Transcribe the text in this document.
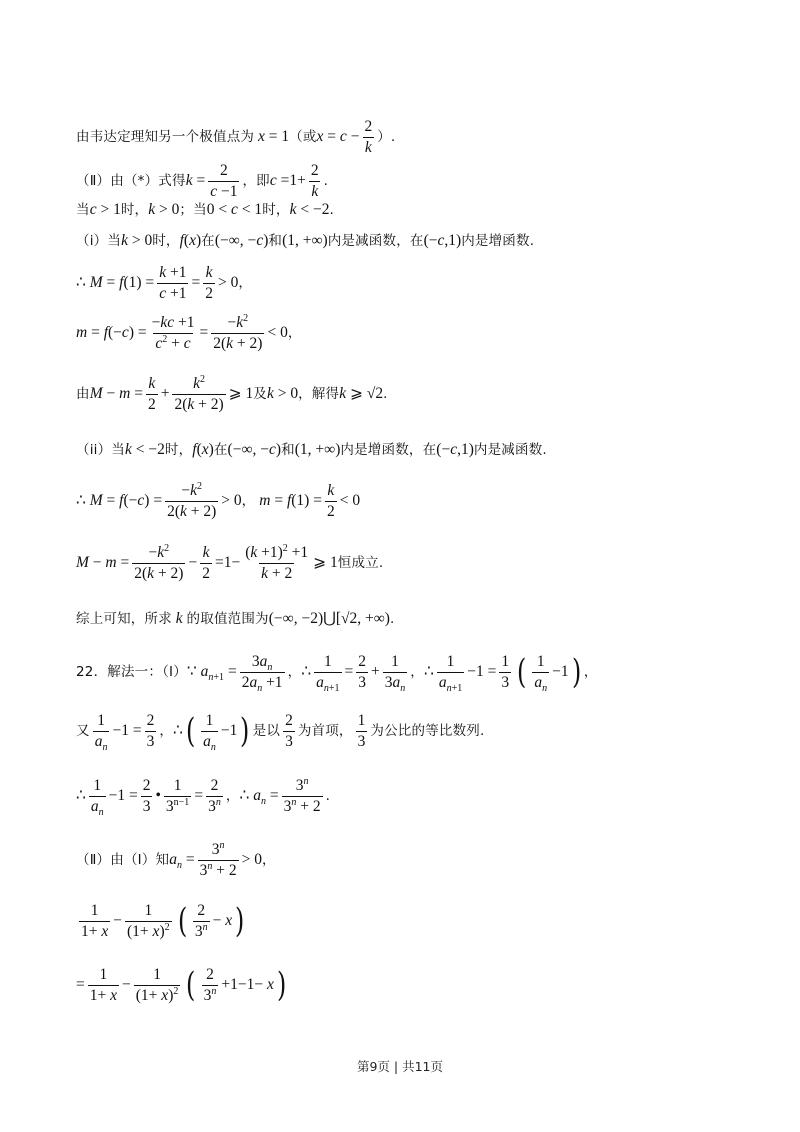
由韦达定理知另一个极值点为 x = 1 （或 $x = c - \frac{2}{k}$ ）.
（Ⅱ）由（*）式得 $k = \frac{2}{c -1}$ ，即 $c =1+ \frac{2}{k}$ .
当 c > 1 时， k > 0 ；当 0 < c < 1 时， k < −2 .
（i）当 k > 0 时， f ( x ) 在 (−∞, − c ) 和 (1, +∞) 内是减函数，在 (− c ,1) 内是增函数.
∴ M = f $(1) = \frac{k +1}{c +1} = \frac{k}{2} > 0$ ，
m = f (− c ) = $\frac{-kc +1}{c^2 + c} = \frac{-k^2}{2(k + 2)} < 0$ ，
由 $M - m = \frac{k}{2} + \frac{k^2}{2(k + 2)}$ ⩾ 1 及 k > 0 ，解得 k ⩾ √2 .
（ii）当 k < −2 时， f ( x ) 在 (−∞, − c ) 和 (1, +∞) 内是增函数，在 (− c ,1) 内是减函数.
∴ M = f (− c ) = $\frac{-k^2}{2(k + 2)} > 0$ ， m = f $(1) = \frac{k}{2} < 0$
$M - m = \frac{-k^2}{2(k + 2)} - \frac{k}{2} =1- \frac{(k +1)^2 +1}{k + 2}$ ⩾ 1 恒成立.
综上可知，所求 k 的取值范围为 (−∞, −2)⋃[√2, +∞) .
22．解法一：（Ⅰ） ∵ $a_{n+1} = \frac{3a_n}{2a_n +1}$ ， ∴ $\frac{1}{a_{n+1}} = \frac{2}{3} + \frac{1}{3a_n}$ ， ∴ $\frac{1}{a_{n+1}} -1 = \frac{1}{3}$ ( $\frac{1}{a_n} -1$ ) ，
又 $\frac{1}{a_n} -1 = \frac{2}{3}$ ， ∴ ( $\frac{1}{a_n} -1$ ) 是以 $\frac{2}{3}$ 为首项， $\frac{1}{3}$ 为公比的等比数列.
∴ $\frac{1}{a_n} -1 = \frac{2}{3}$ • $\frac{1}{3^{n-1}} = \frac{2}{3^n}$ ， ∴ $a_n = \frac{3^n}{3^n + 2}$ .
（Ⅱ）由（Ⅰ）知 $a_n = \frac{3^n}{3^n + 2} > 0$ ，
$\frac{1}{1+ x} - \frac{1}{(1+ x)^2}$ ( $\frac{2}{3^n} - x$ )
= $\frac{1}{1+ x} - \frac{1}{(1+ x)^2}$ ( $\frac{2}{3^n} +1-1- x$ )
第9页 | 共11页
